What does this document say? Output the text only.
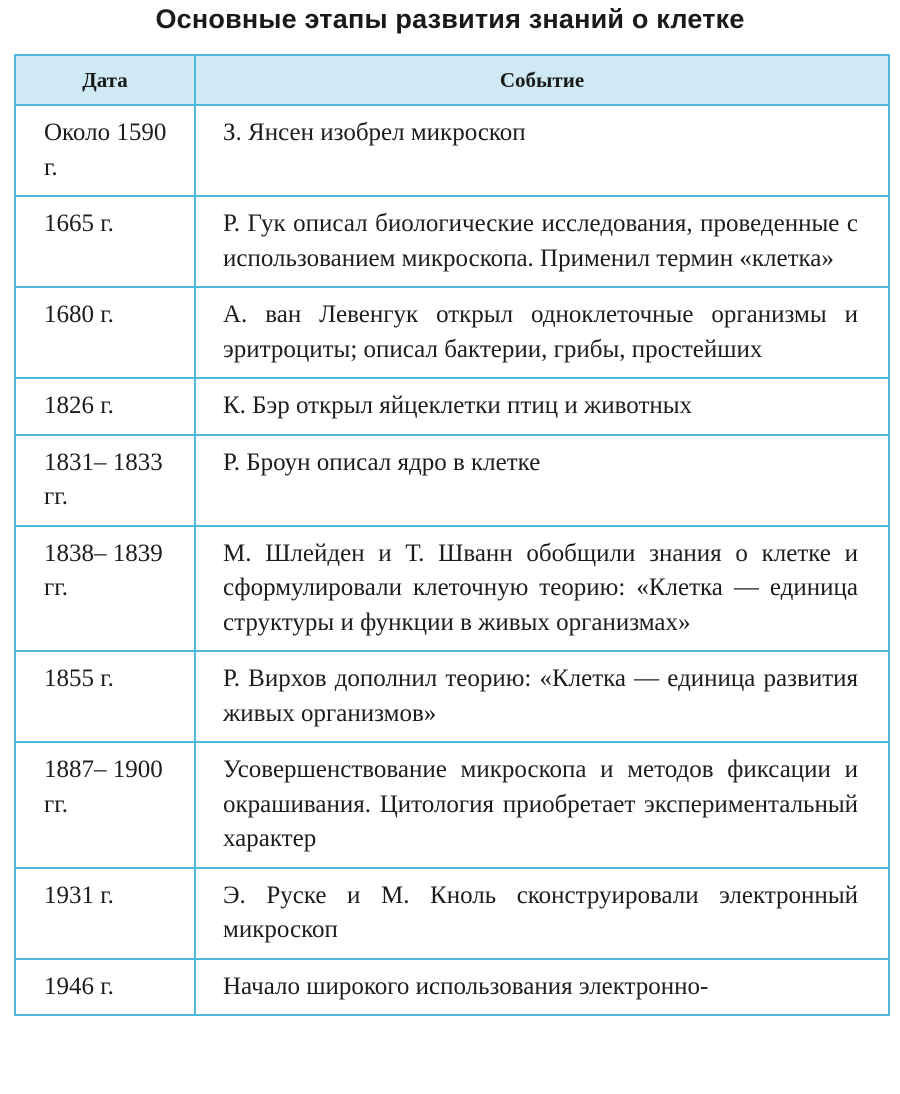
Основные этапы развития знаний о клетке
Дата	Событие
Около 1590 г.	З. Янсен изобрел микроскоп
1665 г.	Р. Гук описал биологические исследования, проведенные с использованием микроскопа. Применил термин «клетка»
1680 г.	А. ван Левенгук открыл одноклеточные организмы и эритроциты; описал бактерии, грибы, простейших
1826 г.	К. Бэр открыл яйцеклетки птиц и животных
1831– 1833 гг.	Р. Броун описал ядро в клетке
1838– 1839 гг.	М. Шлейден и Т. Шванн обобщили знания о клетке и сформулировали клеточную теорию: «Клетка — единица структуры и функции в живых организмах»
1855 г.	Р. Вирхов дополнил теорию: «Клетка — единица развития живых организмов»
1887– 1900 гг.	Усовершенствование микроскопа и методов фиксации и окрашивания. Цитология приобретает экспериментальный характер
1931 г.	Э. Руске и М. Кноль сконструировали электронный микроскоп
1946 г.	Начало широкого использования электронно-
